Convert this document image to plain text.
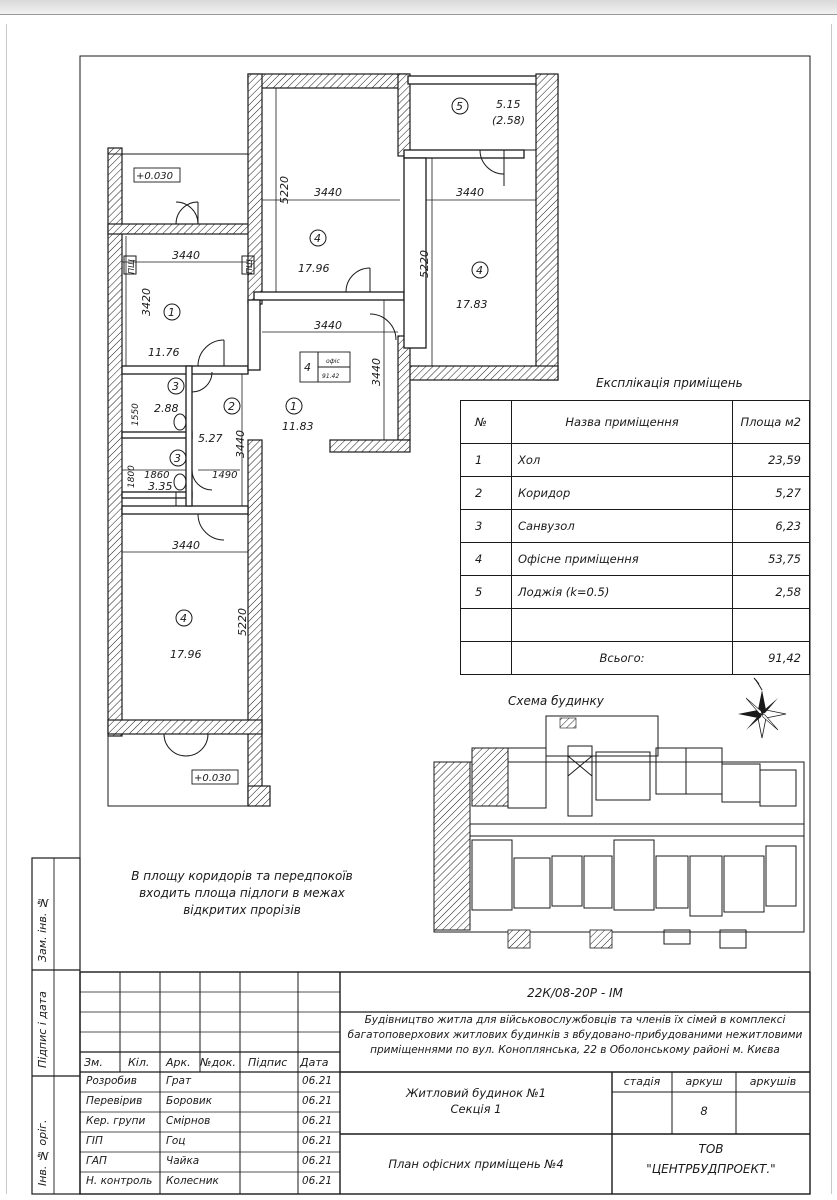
ПЩ	ПЩ
3440
3440	3440
3440
3440
3420
5220
5220
5220
3440
3440
1550
1860
1800	1490
+0.030
+0.030
1
11.76
3
2.88	2
5.27
3
3.35
4
17.96
4
17.96
4
17.83
5	5.15
(2.58)
1
11.83
4	офіс
91.42	Експлікація приміщень
№	Назва приміщення	Площа м2
1	Хол	23,59
2	Коридор	5,27
3	Санвузол	6,23
4	Офісне приміщення	53,75
5	Лоджія (k=0.5)	2,58

	Всього:	91,42
Схема будинку
В площу коридорів та передпокоїв входить площа підлоги в межах відкритих прорізів
Зам. інв. №
Підпис і дата
Інв. № оріг.
22К/08-20Р - ІМ
Будівництво житла для військовослужбовців та членів їх сімей в комплексі багатоповерхових житлових будинків з вбудовано-прибудованими нежитловими приміщеннями по вул. Коноплянська, 22 в Оболонському районі м. Києва
Зм. Кіл. Арк. №док. Підпис Дата
Розробив	Грат	06.21
Перевірив Боровик	06.21
Кер. групи Смірнов	06.21
ГІП	Гоц	06.21
ГАП	Чайка	06.21
Н. контроль Колесник	06.21
Житловий будинок №1
Секція 1
План офісних приміщень №4
стадія	аркуш	аркушів
8
ТОВ
"ЦЕНТРБУДПРОЕКТ."
